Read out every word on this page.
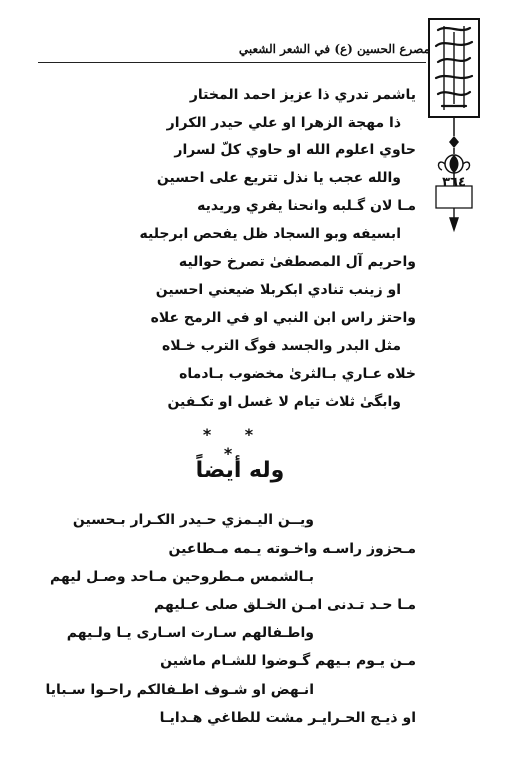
٣٦٤
مصرع الحسين (ع) في الشعر الشعبي
ياشمر تدري ذا عزيز احمد المختار
ذا مهجة الزهرا او علي حيدر الكرار
حاوي اعلوم الله او حاوي كلّ لسرار
والله عجب يا نذل تتريع على احسين
مـا لان گـلبه وانحنا يفري وريديه
ابسيفه وبو السجاد ظل يفحص ابرجليه
واحريم آل المصطفىٰ تصرخ حواليه
او زينب تنادي ابكربلا ضيعني احسين
واحتز راس ابن النبي او في الرمح علاه
مثل البدر والجسد فوگ الترب خـلاه
خلاه عـاري بـالثرىٰ مخضوب بـادماه
وابگىٰ ثلاث تيام لا غسل او تكـفين
* * *
وله أيضاً
ويــن اليـمزي حـيدر الكـرار بـحسين
مـحزوز راسـه واخـوته يـمه مـطاعين
بـالشمس مـطروحين مـاحد وصـل ليهم
مـا حـد تـدنى امـن الخـلق صلى عـليهم
واطـفالهم سـارت اسـارى يـا ولـيهم
مـن يـوم بـيهم گـوضوا للشـام ماشين
انـهض او شـوف اطـفالكم راحـوا سـبايا
او ذيـج الحـرايـر مشت للطاغي هـدايـا
